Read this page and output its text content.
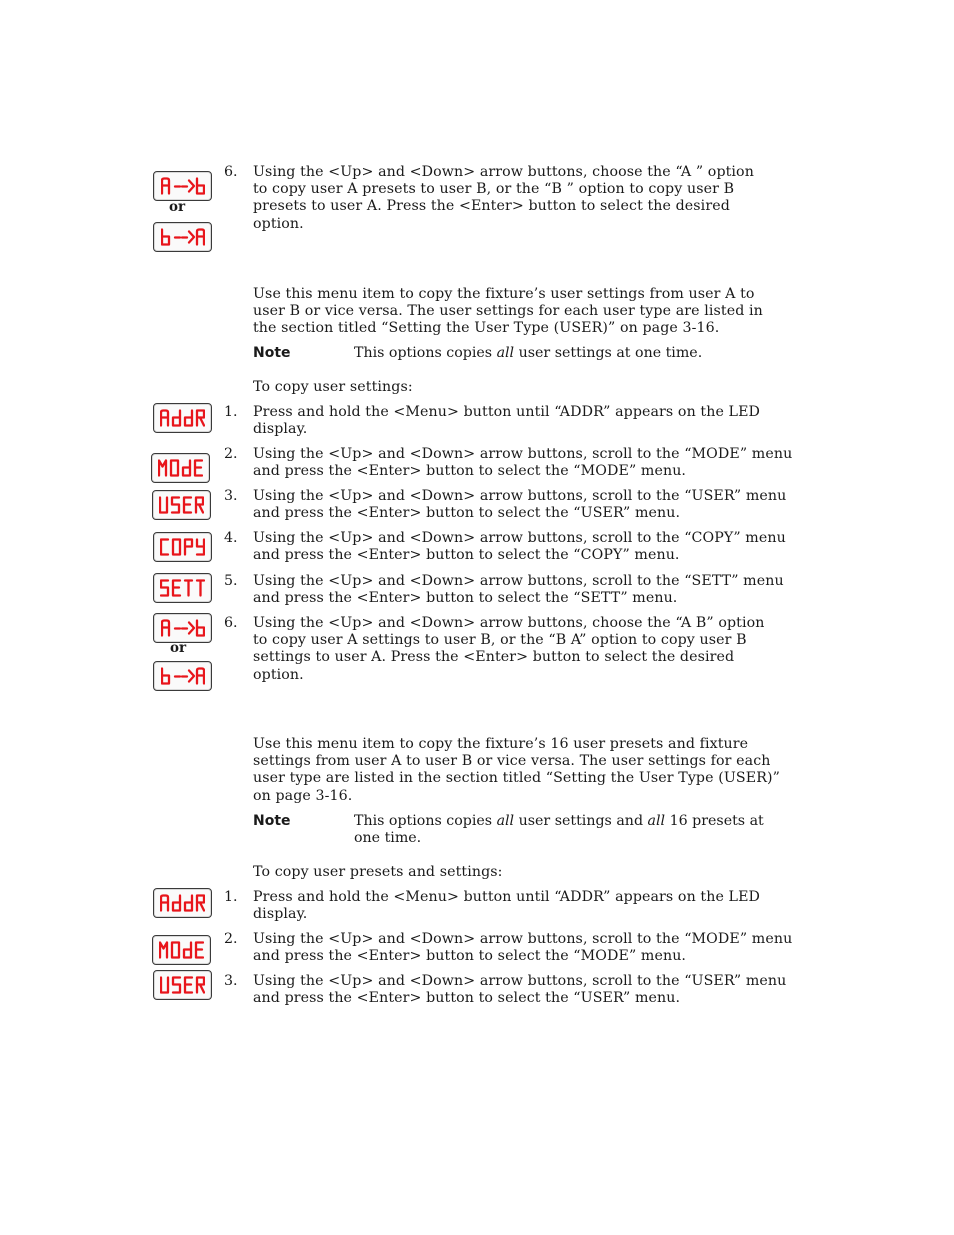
or
6. Using the <Up> and <Down> arrow buttons, choose the “A ” option
to copy user A presets to user B, or the “B ” option to copy user B
presets to user A. Press the <Enter> button to select the desired
option.
Use this menu item to copy the fixture’s user settings from user A to
user B or vice versa. The user settings for each user type are listed in
the section titled “Setting the User Type (USER)” on page 3-16.
Note	This options copies all user settings at one time.
To copy user settings:
1. Press and hold the <Menu> button until “ADDR” appears on the LED
display.
2. Using the <Up> and <Down> arrow buttons, scroll to the “MODE” menu
and press the <Enter> button to select the “MODE” menu.
3. Using the <Up> and <Down> arrow buttons, scroll to the “USER” menu
and press the <Enter> button to select the “USER” menu.
4. Using the <Up> and <Down> arrow buttons, scroll to the “COPY” menu
and press the <Enter> button to select the “COPY” menu.
5. Using the <Up> and <Down> arrow buttons, scroll to the “SETT” menu
and press the <Enter> button to select the “SETT” menu.
or
6. Using the <Up> and <Down> arrow buttons, choose the “A B” option
to copy user A settings to user B, or the “B A” option to copy user B
settings to user A. Press the <Enter> button to select the desired
option.
Use this menu item to copy the fixture’s 16 user presets and fixture
settings from user A to user B or vice versa. The user settings for each
user type are listed in the section titled “Setting the User Type (USER)”
on page 3-16.
Note	This options copies all user settings and all 16 presets at
one time.
To copy user presets and settings:
1. Press and hold the <Menu> button until “ADDR” appears on the LED
display.
2. Using the <Up> and <Down> arrow buttons, scroll to the “MODE” menu
and press the <Enter> button to select the “MODE” menu.
3. Using the <Up> and <Down> arrow buttons, scroll to the “USER” menu
and press the <Enter> button to select the “USER” menu.
